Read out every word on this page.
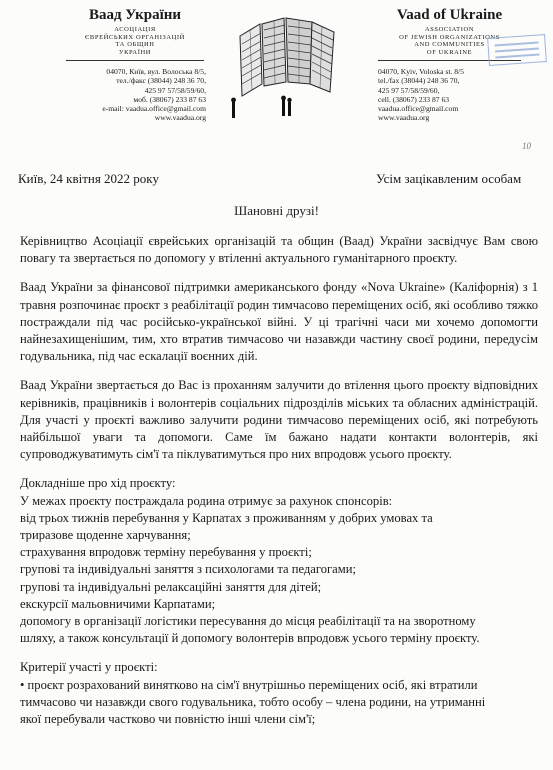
Ваад України
АСОЦІАЦІЯ
ЄВРЕЙСЬКИХ ОРГАНІЗАЦІЙ
ТА ОБЩИН
УКРАЇНИ
04070, Київ, вул. Волоська 8/5,
тел./факс (38044) 248 36 70,
425 97 57/58/59/60,
моб. (38067) 233 87 63
e-mail: vaadua.office@gmail.com
www.vaadua.org
Vaad of Ukraine
ASSOCIATION
OF JEWISH ORGANIZATIONS
AND COMMUNITIES
OF UKRAINE
04070, Kyiv, Voloska st. 8/5
tel./fax (38044) 248 36 70,
425 97 57/58/59/60,
cell. (38067) 233 87 63
vaadua.office@gmail.com
www.vaadua.org
10
Київ, 24 квітня 2022 року	Усім зацікавленим особам
Шановні друзі!

Керівництво Асоціації єврейських організацій та общин (Ваад) України засвідчує Вам свою повагу та звертається по допомогу у втіленні актуального гуманітарного проєкту.

Ваад України за фінансової підтримки американського фонду «Nova Ukraine» (Каліфорнія) з 1 травня розпочинає проєкт з реабілітації родин тимчасово переміщених осіб, які особливо тяжко постраждали під час російсько-української війні. У ці трагічні часи ми хочемо допомогти найнезахищенішим, тим, хто втратив тимчасово чи назавжди частину своєї родини, передусім годувальника, під час ескалації воєнних дій.

Ваад України звертається до Вас із проханням залучити до втілення цього проєкту відповідних керівників, працівників і волонтерів соціальних підрозділів міських та обласних адміністрацій. Для участі у проєкті важливо залучити родини тимчасово переміщених осіб, які потребують найбільшої уваги та допомоги. Саме їм бажано надати контакти волонтерів, які супроводжуватимуть сім'ї та піклуватимуться про них впродовж усього проєкту.

Докладніше про хід проєкту:
У межах проєкту постраждала родина отримує за рахунок спонсорів:
від трьох тижнів перебування у Карпатах з проживанням у добрих умовах та
триразове щоденне харчування;
страхування впродовж терміну перебування у проєкті;
групові та індивідуальні заняття з психологами та педагогами;
групові та індивідуальні релаксаційні заняття для дітей;
екскурсії мальовничими Карпатами;
допомогу в організації логістики пересування до місця реабілітації та на зворотному
шляху, а також консультації й допомогу волонтерів впродовж усього терміну проєкту.
Критерії участі у проєкті:
• проєкт розрахований винятково на сім'ї внутрішньо переміщених осіб, які втратили
тимчасово чи назавжди свого годувальника, тобто особу – члена родини, на утриманні
якої перебували частково чи повністю інші члени сім'ї;
